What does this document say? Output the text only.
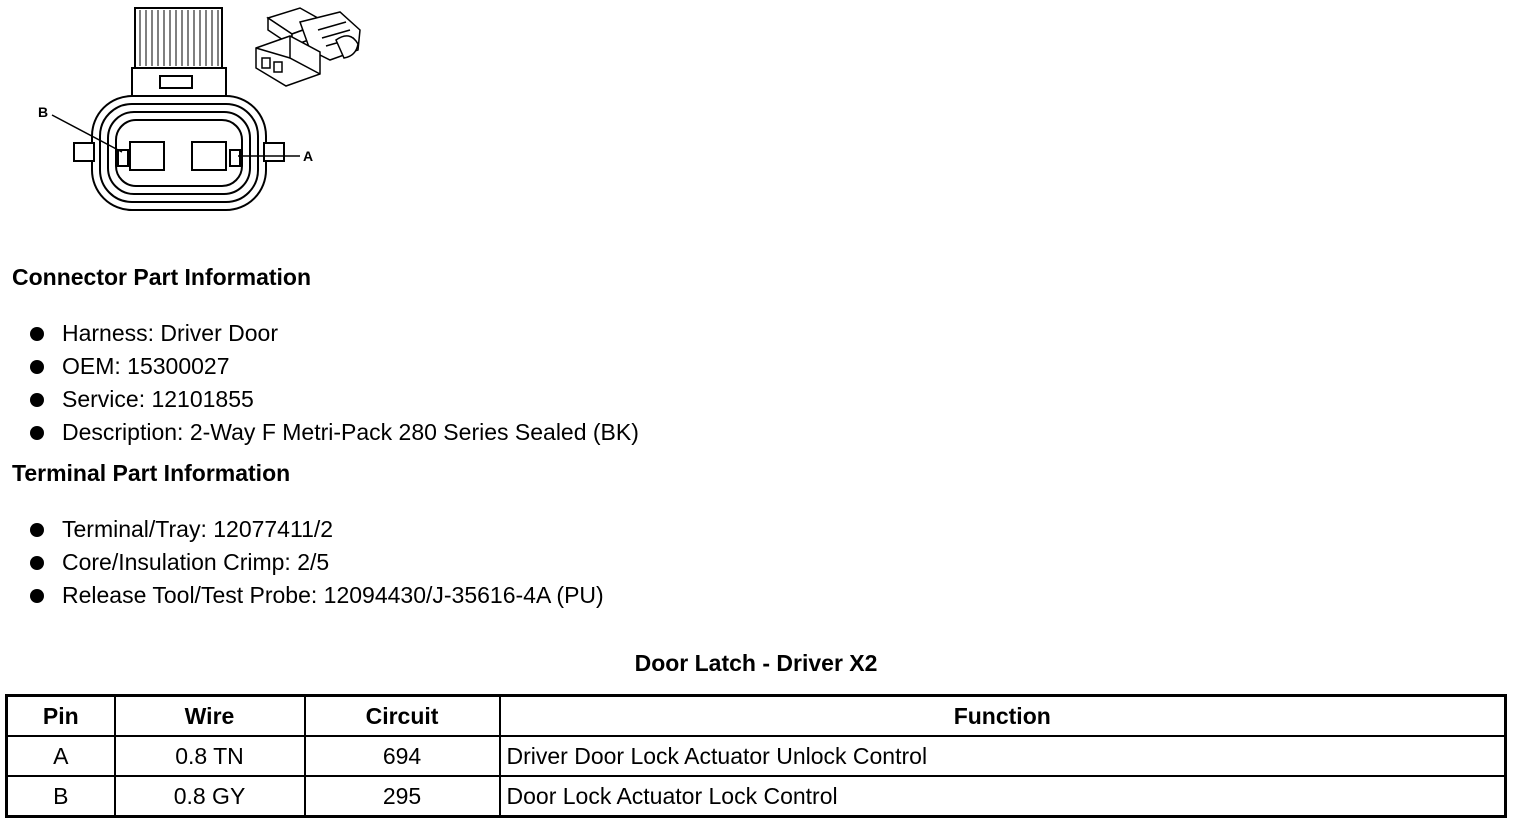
B
A
Connector Part Information
Harness: Driver Door
OEM: 15300027
Service: 12101855
Description: 2-Way F Metri-Pack 280 Series Sealed (BK)
Terminal Part Information
Terminal/Tray: 12077411/2
Core/Insulation Crimp: 2/5
Release Tool/Test Probe: 12094430/J-35616-4A (PU)
Door Latch - Driver X2
Pin	Wire	Circuit	Function
A	0.8 TN	694	Driver Door Lock Actuator Unlock Control
B	0.8 GY	295	Door Lock Actuator Lock Control
